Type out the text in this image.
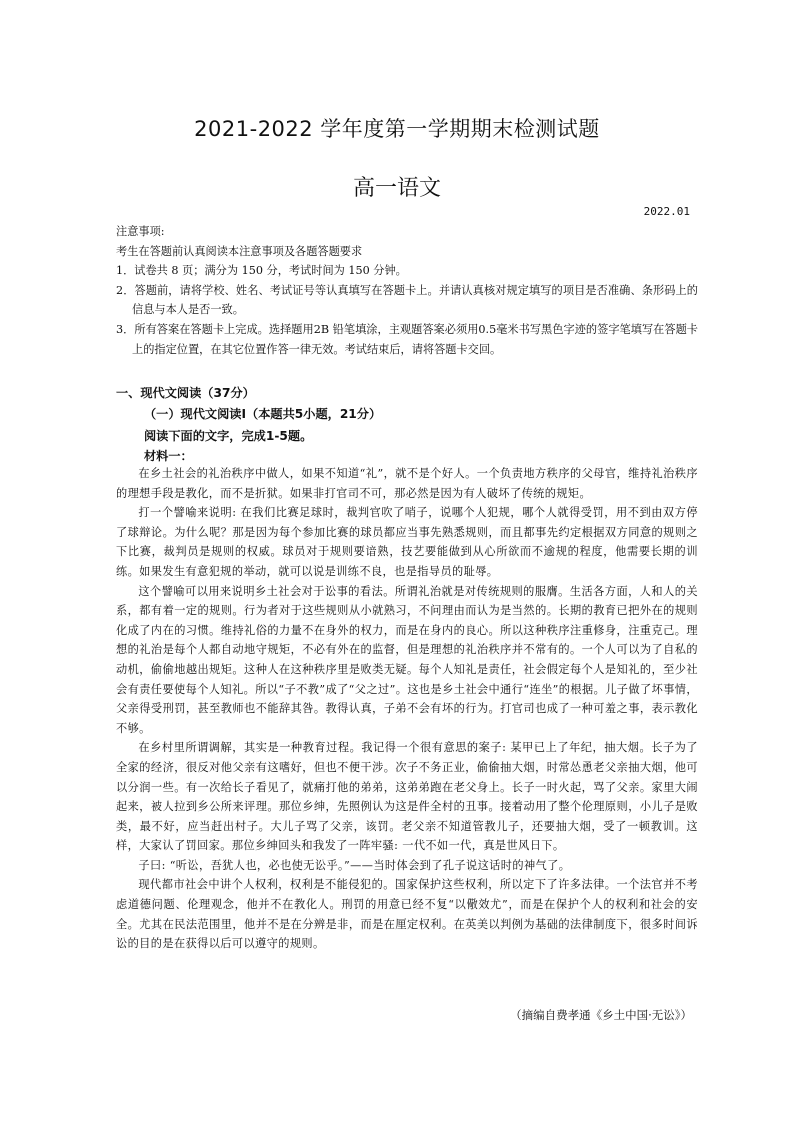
2021-2022 学年度第一学期期末检测试题
高一语文
2022.01

注意事项:

考生在答题前认真阅读本注意事项及各题答题要求

1．试卷共 8 页；满分为 150 分，考试时间为 150 分钟。

2．答题前，请将学校、姓名、考试证号等认真填写在答题卡上。并请认真核对规定填写的项目是否准确、条形码上的信息与本人是否一致。

3．所有答案在答题卡上完成。选择题用2B 铅笔填涂，主观题答案必须用0.5毫米书写黑色字迹的签字笔填写在答题卡上的指定位置，在其它位置作答一律无效。考试结束后，请将答题卡交回。

一、现代文阅读（37分）
（一）现代文阅读Ⅰ（本题共5小题，21分）
阅读下面的文字，完成1-5题。
材料一：

在乡土社会的礼治秩序中做人，如果不知道“礼”，就不是个好人。一个负责地方秩序的父母官，维持礼治秩序的理想手段是教化，而不是折狱。如果非打官司不可，那必然是因为有人破坏了传统的规矩。

打一个譬喻来说明: 在我们比赛足球时，裁判官吹了哨子，说哪个人犯规，哪个人就得受罚，用不到由双方停了球辩论。为什么呢？那是因为每个参加比赛的球员都应当事先熟悉规则，而且都事先约定根据双方同意的规则之下比赛，裁判员是规则的权威。球员对于规则要谙熟，技艺要能做到从心所欲而不逾规的程度，他需要长期的训练。如果发生有意犯规的举动，就可以说是训练不良，也是指导员的耻辱。

这个譬喻可以用来说明乡土社会对于讼事的看法。所谓礼治就是对传统规则的服膺。生活各方面，人和人的关系，都有着一定的规则。行为者对于这些规则从小就熟习，不问理由而认为是当然的。长期的教育已把外在的规则化成了内在的习惯。维持礼俗的力量不在身外的权力，而是在身内的良心。所以这种秩序注重修身，注重克己。理想的礼治是每个人都自动地守规矩，不必有外在的监督，但是理想的礼治秩序并不常有的。一个人可以为了自私的动机，偷偷地越出规矩。这种人在这种秩序里是败类无疑。每个人知礼是责任，社会假定每个人是知礼的，至少社会有责任要使每个人知礼。所以“子不教”成了“父之过”。这也是乡土社会中通行“连坐”的根据。儿子做了坏事情，父亲得受刑罚，甚至教师也不能辞其咎。教得认真，子弟不会有坏的行为。打官司也成了一种可羞之事，表示教化不够。

在乡村里所谓调解，其实是一种教育过程。我记得一个很有意思的案子: 某甲已上了年纪，抽大烟。长子为了全家的经济，很反对他父亲有这嗜好，但也不便干涉。次子不务正业，偷偷抽大烟，时常怂恿老父亲抽大烟，他可以分润一些。有一次给长子看见了，就痛打他的弟弟，这弟弟跑在老父身上。长子一时火起，骂了父亲。家里大闹起来，被人拉到乡公所来评理。那位乡绅，先照例认为这是件全村的丑事。接着动用了整个伦理原则，小儿子是败类，最不好，应当赶出村子。大儿子骂了父亲，该罚。老父亲不知道管教儿子，还要抽大烟，受了一顿教训。这样，大家认了罚回家。那位乡绅回头和我发了一阵牢骚: 一代不如一代，真是世风日下。

子曰: “听讼，吾犹人也，必也使无讼乎。”——当时体会到了孔子说这话时的神气了。

现代都市社会中讲个人权利，权利是不能侵犯的。国家保护这些权利，所以定下了许多法律。一个法官并不考虑道德问题、伦理观念，他并不在教化人。刑罚的用意已经不复“以儆效尤”，而是在保护个人的权利和社会的安全。尤其在民法范围里，他并不是在分辨是非，而是在厘定权利。在英美以判例为基础的法律制度下，很多时间诉讼的目的是在获得以后可以遵守的规则。

（摘编自费孝通《乡土中国·无讼》）
